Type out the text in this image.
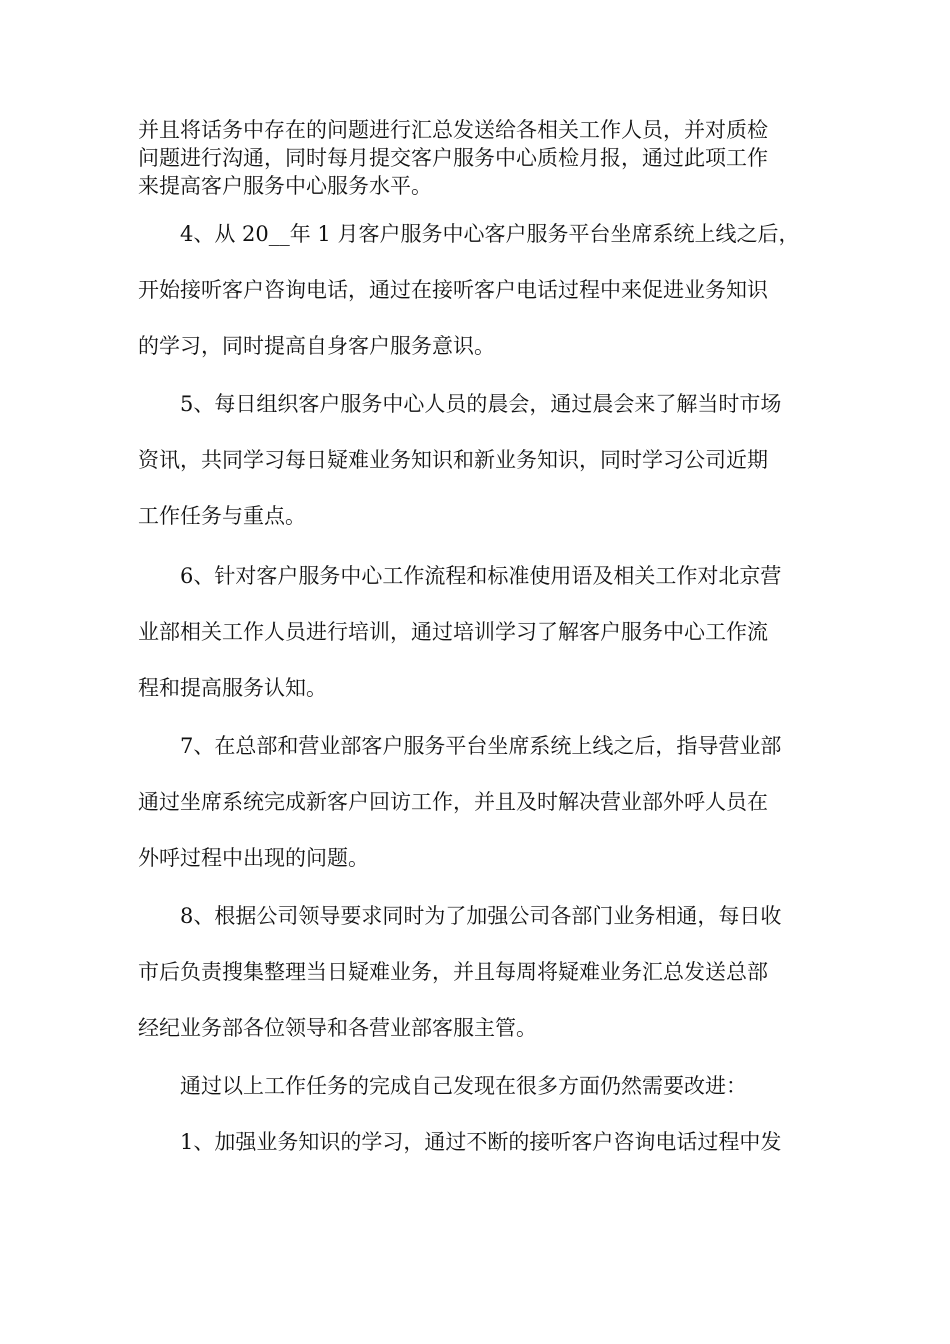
并且将话务中存在的问题进行汇总发送给各相关工作人员，并对质检

问题进行沟通，同时每月提交客户服务中心质检月报，通过此项工作

来提高客户服务中心服务水平。

4、从 20__年 1 月客户服务中心客户服务平台坐席系统上线之后，

开始接听客户咨询电话，通过在接听客户电话过程中来促进业务知识

的学习，同时提高自身客户服务意识。

5、每日组织客户服务中心人员的晨会，通过晨会来了解当时市场

资讯，共同学习每日疑难业务知识和新业务知识，同时学习公司近期

工作任务与重点。

6、针对客户服务中心工作流程和标准使用语及相关工作对北京营

业部相关工作人员进行培训，通过培训学习了解客户服务中心工作流

程和提高服务认知。

7、在总部和营业部客户服务平台坐席系统上线之后，指导营业部

通过坐席系统完成新客户回访工作，并且及时解决营业部外呼人员在

外呼过程中出现的问题。

8、根据公司领导要求同时为了加强公司各部门业务相通，每日收

市后负责搜集整理当日疑难业务，并且每周将疑难业务汇总发送总部

经纪业务部各位领导和各营业部客服主管。

通过以上工作任务的完成自己发现在很多方面仍然需要改进：

1、加强业务知识的学习，通过不断的接听客户咨询电话过程中发
